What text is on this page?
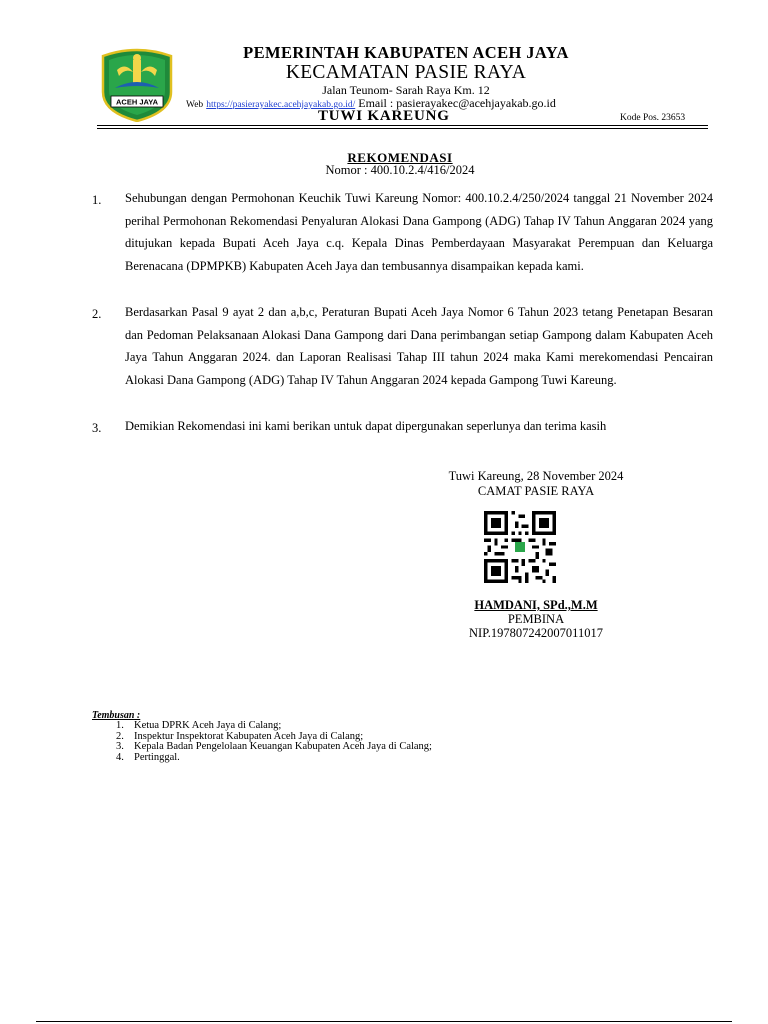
ACEH JAYA
PEMERINTAH KABUPATEN ACEH JAYA
KECAMATAN PASIE RAYA
Jalan Teunom- Sarah Raya Km. 12
Web https://pasierayakec.acehjayakab.go.id/ Email : pasierayakec@acehjayakab.go.id
TUWI KAREUNG	Kode Pos. 23653
REKOMENDASI
Nomor : 400.10.2.4/416/2024
1. Sehubungan dengan Permohonan Keuchik Tuwi Kareung Nomor: 400.10.2.4/250/2024 tanggal 21 November 2024 perihal Permohonan Rekomendasi Penyaluran Alokasi Dana Gampong (ADG) Tahap IV Tahun Anggaran 2024 yang ditujukan kepada Bupati Aceh Jaya c.q. Kepala Dinas Pemberdayaan Masyarakat Perempuan dan Keluarga Berenacana (DPMPKB) Kabupaten Aceh Jaya dan tembusannya disampaikan kepada kami.
2. Berdasarkan Pasal 9 ayat 2 dan a,b,c, Peraturan Bupati Aceh Jaya Nomor 6 Tahun 2023 tetang Penetapan Besaran dan Pedoman Pelaksanaan Alokasi Dana Gampong dari Dana perimbangan setiap Gampong dalam Kabupaten Aceh Jaya Tahun Anggaran 2024. dan Laporan Realisasi Tahap III tahun 2024 maka Kami merekomendasi Pencairan Alokasi Dana Gampong (ADG) Tahap IV Tahun Anggaran 2024 kepada Gampong Tuwi Kareung.
3. Demikian Rekomendasi ini kami berikan untuk dapat dipergunakan seperlunya dan terima kasih
Tuwi Kareung, 28 November 2024
CAMAT PASIE RAYA
HAMDANI, SPd.,M.M
PEMBINA
NIP.197807242007011017
Tembusan :
1. Ketua DPRK Aceh Jaya di Calang;
2. Inspektur Inspektorat Kabupaten Aceh Jaya di Calang;
3. Kepala Badan Pengelolaan Keuangan Kabupaten Aceh Jaya di Calang;
4. Pertinggal.
